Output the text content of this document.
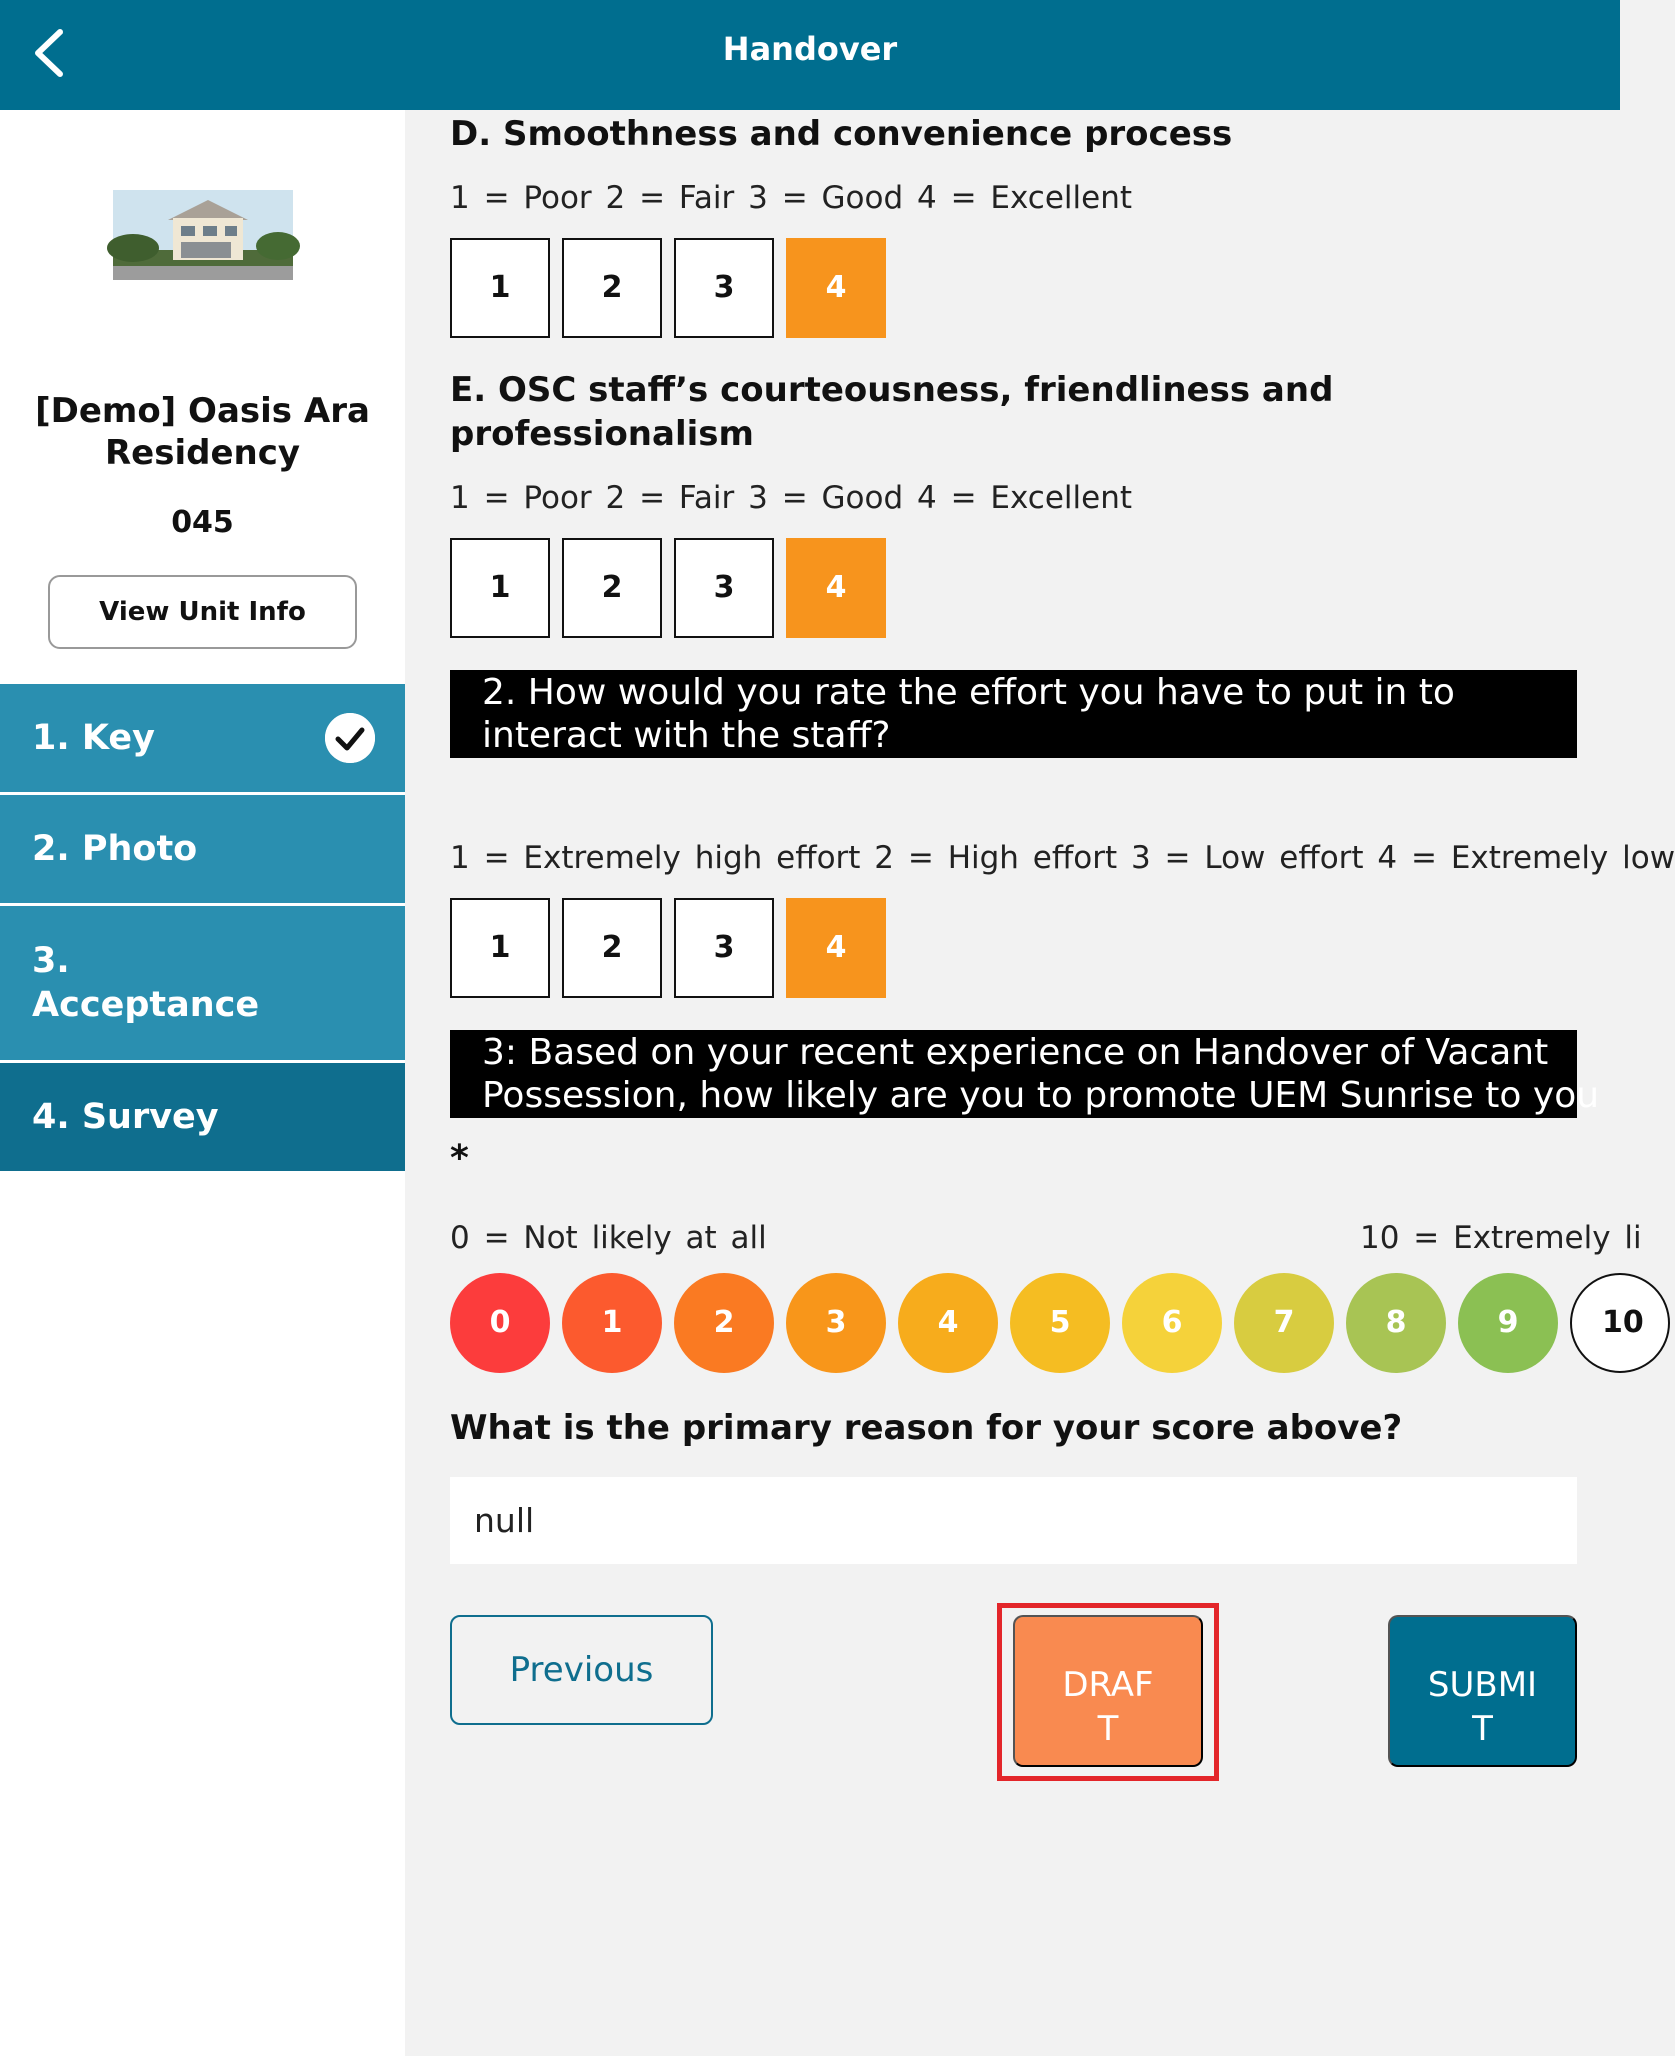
Handover
[Demo] Oasis Ara Residency
045
View Unit Info
1. Key
2. Photo
3.
Acceptance
4. Survey
D. Smoothness and convenience process
1 = Poor 2 = Fair 3 = Good 4 = Excellent
1	2	3	4
E. OSC staff’s courteousness, friendliness and professionalism
1 = Poor 2 = Fair 3 = Good 4 = Excellent
1	2	3	4
2. How would you rate the effort you have to put in to
interact with the staff?
1 = Extremely high effort 2 = High effort 3 = Low effort 4 = Extremely low
1	2	3	4
3: Based on your recent experience on Handover of Vacant
Possession, how likely are you to promote UEM Sunrise to you
*
0 = Not likely at all	10 = Extremely li
0	1	2	3	4	5	6	7	8	9	10
What is the primary reason for your score above?
null
Previous	DRAF
T
SUBMI
T
